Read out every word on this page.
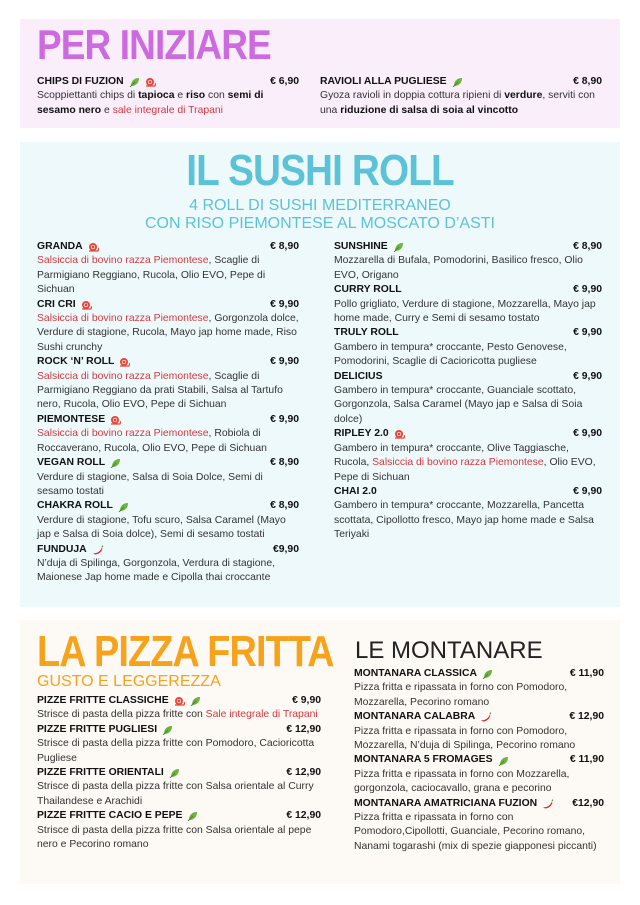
PER INIZIARE
CHIPS DI FUZION	€ 6,90
Scoppiettanti chips di tapioca e riso con semi di sesamo nero e sale integrale di Trapani
RAVIOLI ALLA PUGLIESE	€ 8,90
Gyoza ravioli in doppia cottura ripieni di verdure, serviti con una riduzione di salsa di soia al vincotto
IL SUSHI ROLL
4 ROLL DI SUSHI MEDITERRANEO
CON RISO PIEMONTESE AL MOSCATO D’ASTI
GRANDA	€ 8,90
Salsiccia di bovino razza Piemontese, Scaglie di Parmigiano Reggiano, Rucola, Olio EVO, Pepe di Sichuan
CRI CRI	€ 9,90
Salsiccia di bovino razza Piemontese, Gorgonzola dolce, Verdure di stagione, Rucola, Mayo jap home made, Riso Sushi crunchy
ROCK ‘N’ ROLL	€ 9,90
Salsiccia di bovino razza Piemontese, Scaglie di Parmigiano Reggiano da prati Stabili, Salsa al Tartufo nero, Rucola, Olio EVO, Pepe di Sichuan
PIEMONTESE	€ 9,90
Salsiccia di bovino razza Piemontese, Robiola di Roccaverano, Rucola, Olio EVO, Pepe di Sichuan
VEGAN ROLL	€ 8,90
Verdure di stagione, Salsa di Soia Dolce, Semi di sesamo tostati
CHAKRA ROLL	€ 8,90
Verdure di stagione, Tofu scuro, Salsa Caramel (Mayo jap e Salsa di Soia dolce), Semi di sesamo tostati
FUNDUJA	€9,90
N’duja di Spilinga, Gorgonzola, Verdura di stagione, Maionese Jap home made e Cipolla thai croccante
SUNSHINE	€ 8,90
Mozzarella di Bufala, Pomodorini, Basilico fresco, Olio EVO, Origano
CURRY ROLL	€ 9,90
Pollo grigliato, Verdure di stagione, Mozzarella, Mayo jap home made, Curry e Semi di sesamo tostato
TRULY ROLL	€ 9,90
Gambero in tempura* croccante, Pesto Genovese, Pomodorini, Scaglie di Cacioricotta pugliese
DELICIUS	€ 9,90
Gambero in tempura* croccante, Guanciale scottato, Gorgonzola, Salsa Caramel (Mayo jap e Salsa di Soia dolce)
RIPLEY 2.0	€ 9,90
Gambero in tempura* croccante, Olive Taggiasche, Rucola, Salsiccia di bovino razza Piemontese, Olio EVO, Pepe di Sichuan
CHAI 2.0	€ 9,90
Gambero in tempura* croccante, Mozzarella, Pancetta scottata, Cipollotto fresco, Mayo jap home made e Salsa Teriyaki
LA PIZZA FRITTA
GUSTO E LEGGEREZZA
PIZZE FRITTE CLASSICHE	€ 9,90
Strisce di pasta della pizza fritte con Sale integrale di Trapani
PIZZE FRITTE PUGLIESI	€ 12,90
Strisce di pasta della pizza fritte con Pomodoro, Cacioricotta Pugliese
PIZZE FRITTE ORIENTALI	€ 12,90
Strisce di pasta della pizza fritte con Salsa orientale al Curry Thailandese e Arachidi
PIZZE FRITTE CACIO E PEPE	€ 12,90
Strisce di pasta della pizza fritte con Salsa orientale al pepe nero e Pecorino romano
LE MONTANARE
MONTANARA CLASSICA	€ 11,90
Pizza fritta e ripassata in forno con Pomodoro, Mozzarella, Pecorino romano
MONTANARA CALABRA	€ 12,90
Pizza fritta e ripassata in forno con Pomodoro, Mozzarella, N’duja di Spilinga, Pecorino romano
MONTANARA 5 FROMAGES	€ 11,90
Pizza fritta e ripassata in forno con Mozzarella, gorgonzola, caciocavallo, grana e pecorino
MONTANARA AMATRICIANA FUZION	€12,90
Pizza fritta e ripassata in forno con Pomodoro,Cipollotti, Guanciale, Pecorino romano, Nanami togarashi (mix di spezie giapponesi piccanti)
